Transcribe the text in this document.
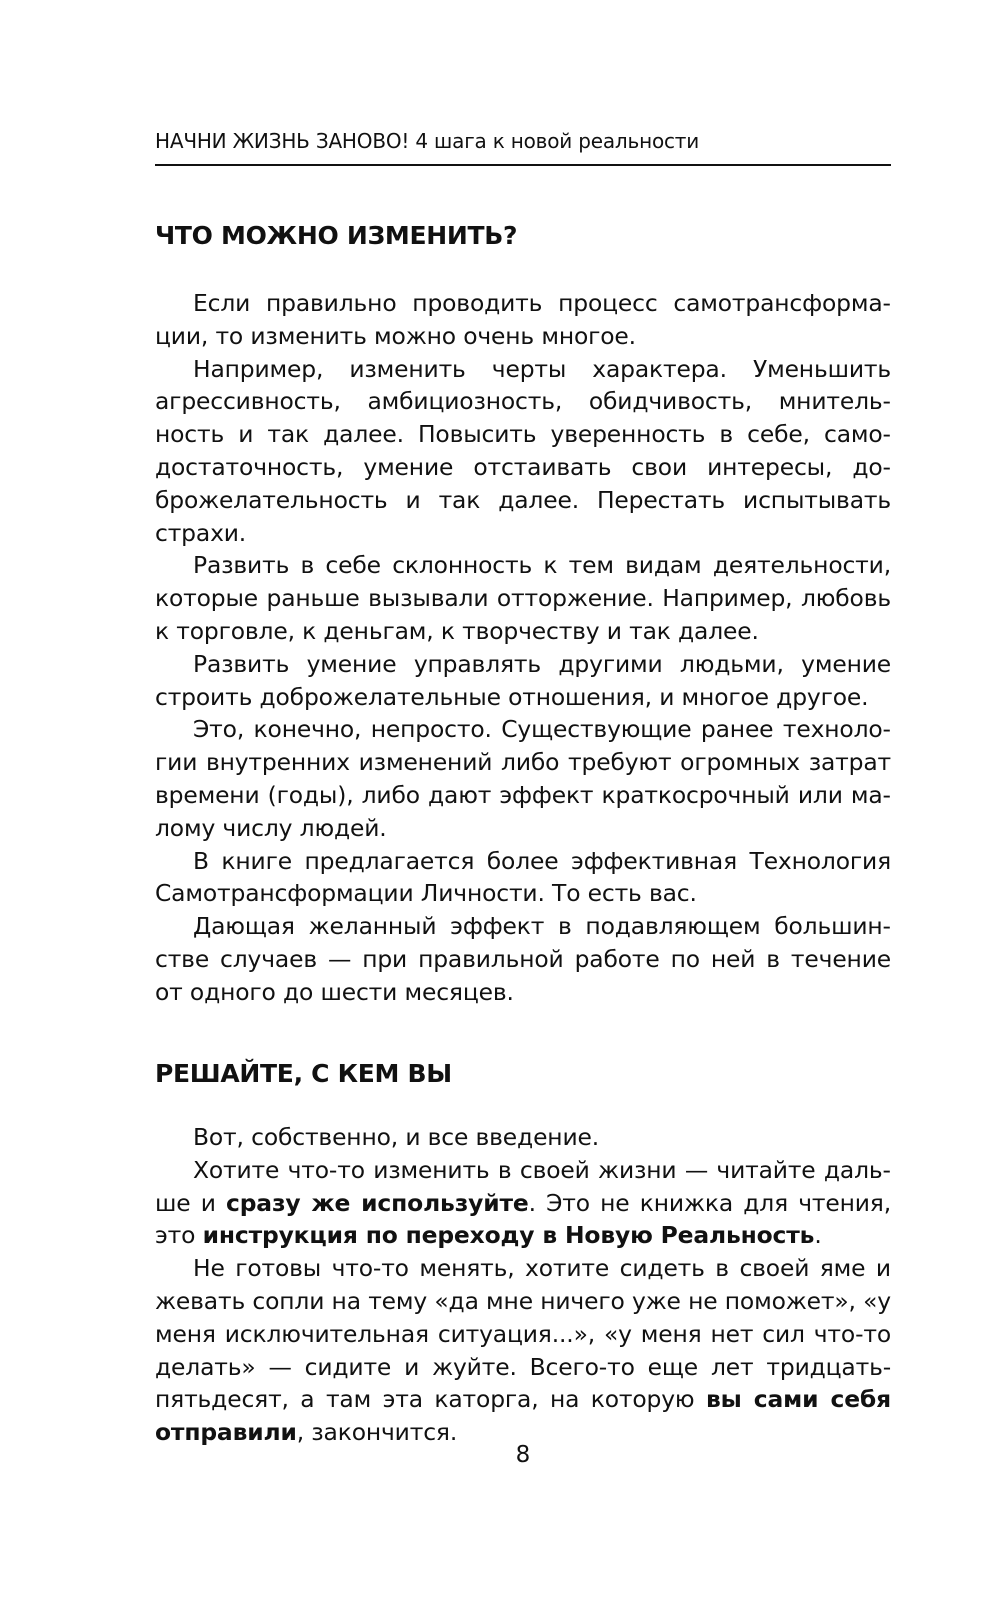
НАЧНИ ЖИЗНЬ ЗАНОВО! 4 шага к новой реальности
ЧТО МОЖНО ИЗМЕНИТЬ?

Если правильно проводить процесс самотрансформации, то изменить можно очень многое.

Например, изменить черты характера. Уменьшить агрессивность, амбициозность, обидчивость, мнительность и так далее. Повысить уверенность в себе, самодостаточность, умение отстаивать свои интересы, доброжелательность и так далее. Перестать испытывать страхи.

Развить в себе склонность к тем видам деятельности, которые раньше вызывали отторжение. Например, любовь к торговле, к деньгам, к творчеству и так далее.

Развить умение управлять другими людьми, умение строить доброжелательные отношения, и многое другое.

Это, конечно, непросто. Существующие ранее технологии внутренних изменений либо требуют огромных затрат времени (годы), либо дают эффект краткосрочный или малому числу людей.

В книге предлагается более эффективная Технология Самотрансформации Личности. То есть вас.

Дающая желанный эффект в подавляющем большинстве случаев — при правильной работе по ней в течение от одного до шести месяцев.

РЕШАЙТЕ, С КЕМ ВЫ

Вот, собственно, и все введение.

Хотите что-то изменить в своей жизни — читайте дальше и сразу же используйте. Это не книжка для чтения, это инструкция по переходу в Новую Реальность.

Не готовы что-то менять, хотите сидеть в своей яме и жевать сопли на тему «да мне ничего уже не поможет», «у меня исключительная ситуация...», «у меня нет сил что-то делать» — сидите и жуйте. Всего-то еще лет тридцать-пятьдесят, а там эта каторга, на которую вы сами себя отправили, закончится.

8
